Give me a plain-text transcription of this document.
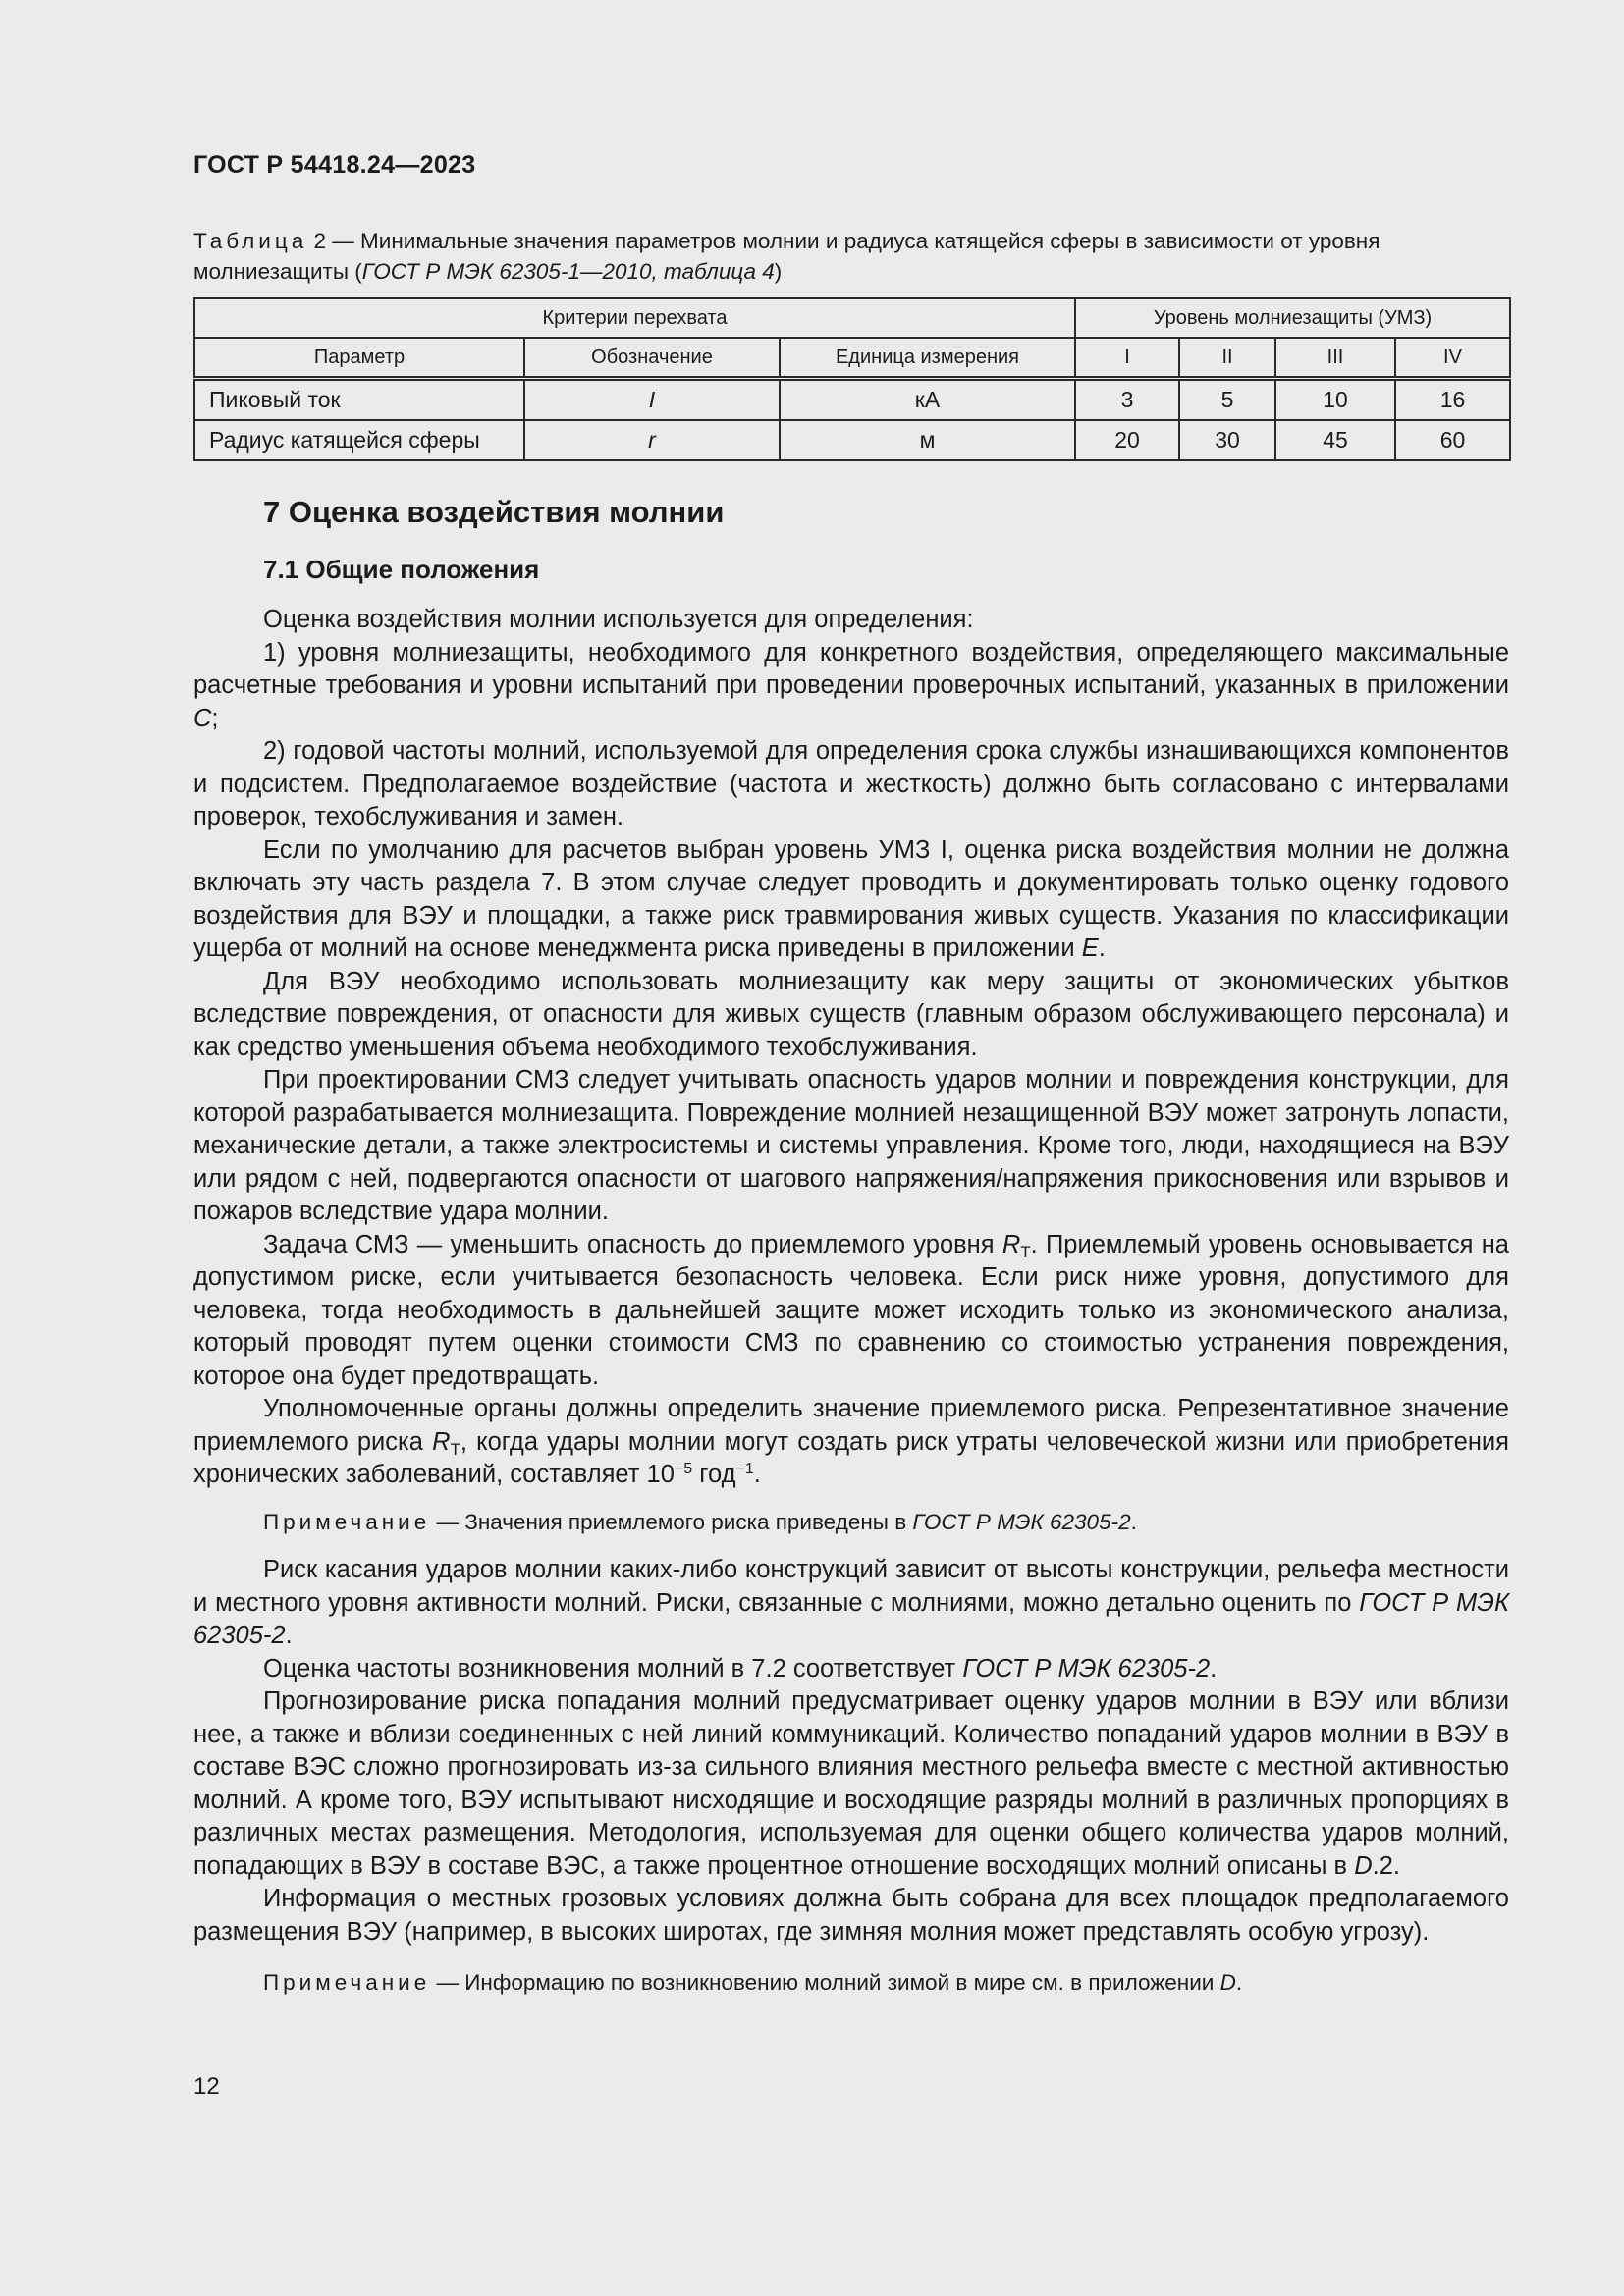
ГОСТ Р 54418.24—2023
Таблица 2 — Минимальные значения параметров молнии и радиуса катящейся сферы в зависимости от уровня молниезащиты (ГОСТ Р МЭК 62305-1—2010, таблица 4)
Критерии перехвата			Уровень молниезащиты (УМЗ)			
Параметр	Обозначение	Единица измерения	I	II	III	IV
Пиковый ток	I	кА	3	5	10	16
Радиус катящейся сферы	r	м	20	30	45	60
7 Оценка воздействия молнии
7.1 Общие положения

Оценка воздействия молнии используется для определения:

1) уровня молниезащиты, необходимого для конкретного воздействия, определяющего максимальные расчетные требования и уровни испытаний при проведении проверочных испытаний, указанных в приложении С;

2) годовой частоты молний, используемой для определения срока службы изнашивающихся компонентов и подсистем. Предполагаемое воздействие (частота и жесткость) должно быть согласовано с интервалами проверок, техобслуживания и замен.

Если по умолчанию для расчетов выбран уровень УМЗ I, оценка риска воздействия молнии не должна включать эту часть раздела 7. В этом случае следует проводить и документировать только оценку годового воздействия для ВЭУ и площадки, а также риск травмирования живых существ. Указания по классификации ущерба от молний на основе менеджмента риска приведены в приложении Е.

Для ВЭУ необходимо использовать молниезащиту как меру защиты от экономических убытков вследствие повреждения, от опасности для живых существ (главным образом обслуживающего персонала) и как средство уменьшения объема необходимого техобслуживания.

При проектировании СМЗ следует учитывать опасность ударов молнии и повреждения конструкции, для которой разрабатывается молниезащита. Повреждение молнией незащищенной ВЭУ может затронуть лопасти, механические детали, а также электросистемы и системы управления. Кроме того, люди, находящиеся на ВЭУ или рядом с ней, подвергаются опасности от шагового напряжения/напряжения прикосновения или взрывов и пожаров вследствие удара молнии.

Задача СМЗ — уменьшить опасность до приемлемого уровня $R_T$. Приемлемый уровень основывается на допустимом риске, если учитывается безопасность человека. Если риск ниже уровня, допустимого для человека, тогда необходимость в дальнейшей защите может исходить только из экономического анализа, который проводят путем оценки стоимости СМЗ по сравнению со стоимостью устранения повреждения, которое она будет предотвращать.

Уполномоченные органы должны определить значение приемлемого риска. Репрезентативное значение приемлемого риска $R_T$, когда удары молнии могут создать риск утраты человеческой жизни или приобретения хронических заболеваний, составляет $10^{-5}$ год$^{-1}$.

Примечание — Значения приемлемого риска приведены в ГОСТ Р МЭК 62305-2.

Риск касания ударов молнии каких-либо конструкций зависит от высоты конструкции, рельефа местности и местного уровня активности молний. Риски, связанные с молниями, можно детально оценить по ГОСТ Р МЭК 62305-2.

Оценка частоты возникновения молний в 7.2 соответствует ГОСТ Р МЭК 62305-2.

Прогнозирование риска попадания молний предусматривает оценку ударов молнии в ВЭУ или вблизи нее, а также и вблизи соединенных с ней линий коммуникаций. Количество попаданий ударов молнии в ВЭУ в составе ВЭС сложно прогнозировать из-за сильного влияния местного рельефа вместе с местной активностью молний. А кроме того, ВЭУ испытывают нисходящие и восходящие разряды молний в различных пропорциях в различных местах размещения. Методология, используемая для оценки общего количества ударов молний, попадающих в ВЭУ в составе ВЭС, а также процентное отношение восходящих молний описаны в D.2.

Информация о местных грозовых условиях должна быть собрана для всех площадок предполагаемого размещения ВЭУ (например, в высоких широтах, где зимняя молния может представлять особую угрозу).

Примечание — Информацию по возникновению молний зимой в мире см. в приложении D.

12
